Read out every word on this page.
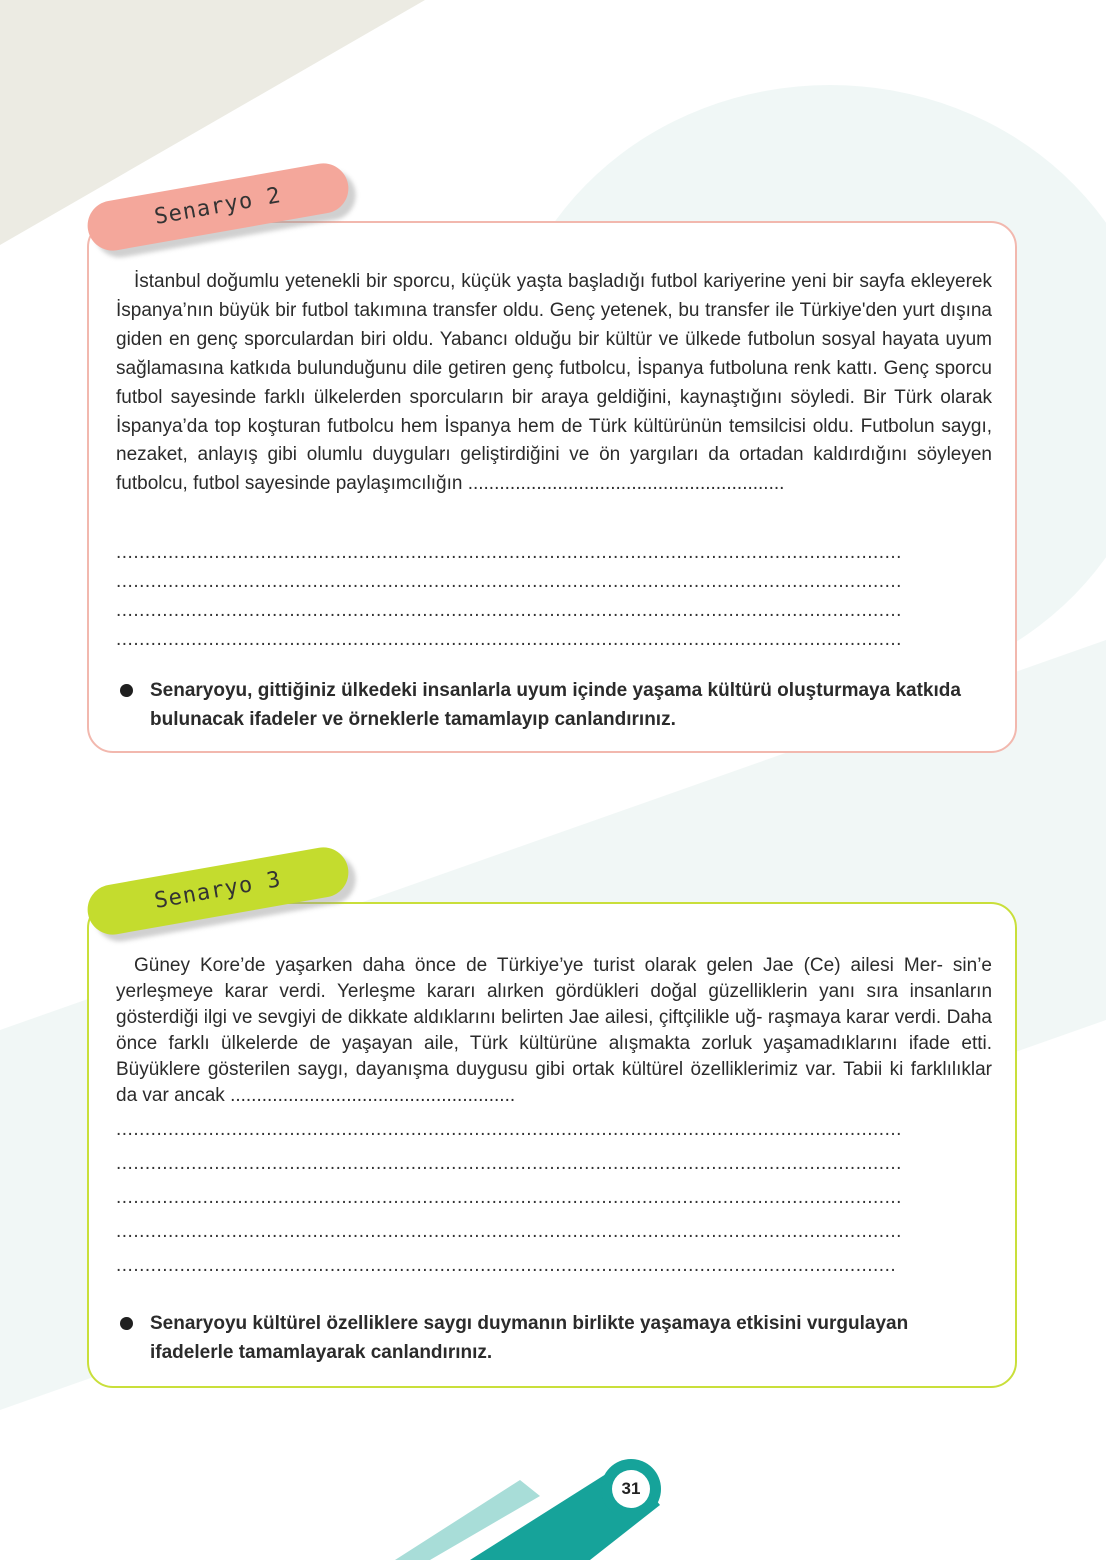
Senaryo 2

İstanbul doğumlu yetenekli bir sporcu, küçük yaşta başladığı futbol kariyerine yeni bir sayfa ekleyerek İspanya’nın büyük bir futbol takımına transfer oldu. Genç yetenek, bu transfer ile Türkiye'den yurt dışına giden en genç sporculardan biri oldu. Yabancı olduğu bir kültür ve ülkede futbolun sosyal hayata uyum sağlamasına katkıda bulunduğunu dile getiren genç futbolcu, İspanya futboluna renk kattı. Genç sporcu futbol sayesinde farklı ülkelerden sporcuların bir araya geldiğini, kaynaştığını söyledi. Bir Türk olarak İspanya’da top koşturan futbolcu hem İspanya hem de Türk kültürünün temsilcisi oldu. Futbolun saygı, nezaket, anlayış gibi olumlu duyguları geliştirdiğini ve ön yargıları da ortadan kaldırdığını söyleyen futbolcu, futbol sayesinde paylaşımcılığın ............................................................

........................................................................................................................................
........................................................................................................................................
........................................................................................................................................
........................................................................................................................................
Senaryoyu, gittiğiniz ülkedeki insanlarla uyum içinde yaşama kültürü oluşturmaya katkıda bulunacak ifadeler ve örneklerle tamamlayıp canlandırınız.
Senaryo 3

Güney Kore’de yaşarken daha önce de Türkiye’ye turist olarak gelen Jae (Ce) ailesi Mer- sin’e yerleşmeye karar verdi. Yerleşme kararı alırken gördükleri doğal güzelliklerin yanı sıra insanların gösterdiği ilgi ve sevgiyi de dikkate aldıklarını belirten Jae ailesi, çiftçilikle uğ- raşmaya karar verdi. Daha önce farklı ülkelerde de yaşayan aile, Türk kültürüne alışmakta zorluk yaşamadıklarını ifade etti. Büyüklere gösterilen saygı, dayanışma duygusu gibi ortak kültürel özelliklerimiz var. Tabii ki farklılıklar da var ancak ......................................................

........................................................................................................................................
........................................................................................................................................
........................................................................................................................................
........................................................................................................................................
.......................................................................................................................................
Senaryoyu kültürel özelliklere saygı duymanın birlikte yaşamaya etkisini vurgulayan ifadelerle tamamlayarak canlandırınız.
31
